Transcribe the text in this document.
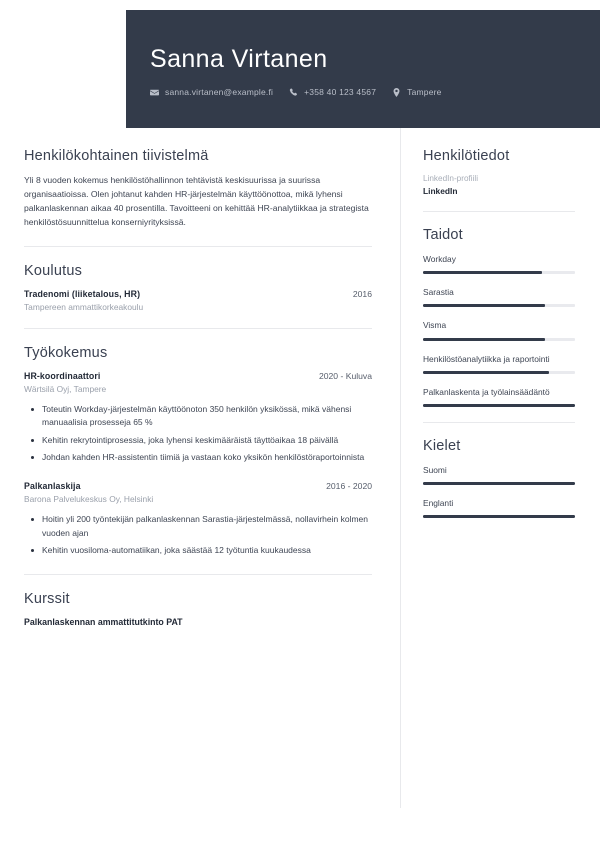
Sanna Virtanen
sanna.virtanen@example.fi	+358 40 123 4567	Tampere
Henkilökohtainen tiivistelmä

Yli 8 vuoden kokemus henkilöstöhallinnon tehtävistä keskisuurissa ja suurissa organisaatioissa. Olen johtanut kahden HR-järjestelmän käyttöönottoa, mikä lyhensi palkanlaskennan aikaa 40 prosentilla. Tavoitteeni on kehittää HR-analytiikkaa ja strategista henkilöstösuunnittelua konserniyrityksissä.

Koulutus
Tradenomi (liiketalous, HR)	2016
Tampereen ammattikorkeakoulu
Työkokemus
HR-koordinaattori	2020 - Kuluva
Wärtsilä Oyj, Tampere
Toteutin Workday-järjestelmän käyttöönoton 350 henkilön yksikössä, mikä vähensi manuaalisia prosesseja 65 %
Kehitin rekrytointiprosessia, joka lyhensi keskimääräistä täyttöaikaa 18 päivällä
Johdan kahden HR-assistentin tiimiä ja vastaan koko yksikön henkilöstöraportoinnista
Palkanlaskija	2016 - 2020
Barona Palvelukeskus Oy, Helsinki
Hoitin yli 200 työntekijän palkanlaskennan Sarastia-järjestelmässä, nollavirhein kolmen vuoden ajan
Kehitin vuosiloma-automatiikan, joka säästää 12 työtuntia kuukaudessa
Kurssit
Palkanlaskennan ammattitutkinto PAT
Henkilötiedot
LinkedIn-profiili
LinkedIn
Taidot
Workday
Sarastia
Visma
Henkilöstöanalytiikka ja raportointi
Palkanlaskenta ja työlainsäädäntö
Kielet
Suomi
Englanti
